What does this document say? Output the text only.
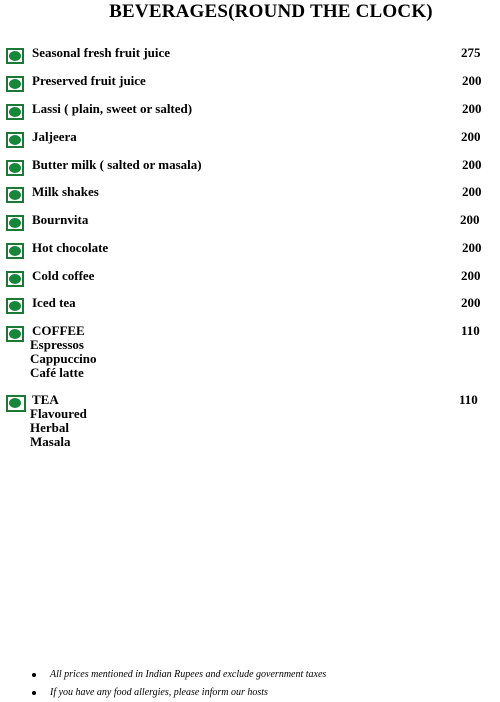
BEVERAGES(ROUND THE CLOCK)
Seasonal fresh fruit juice	275
Preserved fruit juice	200
Lassi ( plain, sweet or salted)	200
Jaljeera	200
Butter milk ( salted or masala)	200
Milk shakes	200
Bournvita	200
Hot chocolate	200
Cold coffee	200
Iced tea	200
COFFEE	110
Espressos
Cappuccino
Café latte
TEA	110
Flavoured
Herbal
Masala
All prices mentioned in Indian Rupees and exclude government taxes
If you have any food allergies, please inform our hosts
